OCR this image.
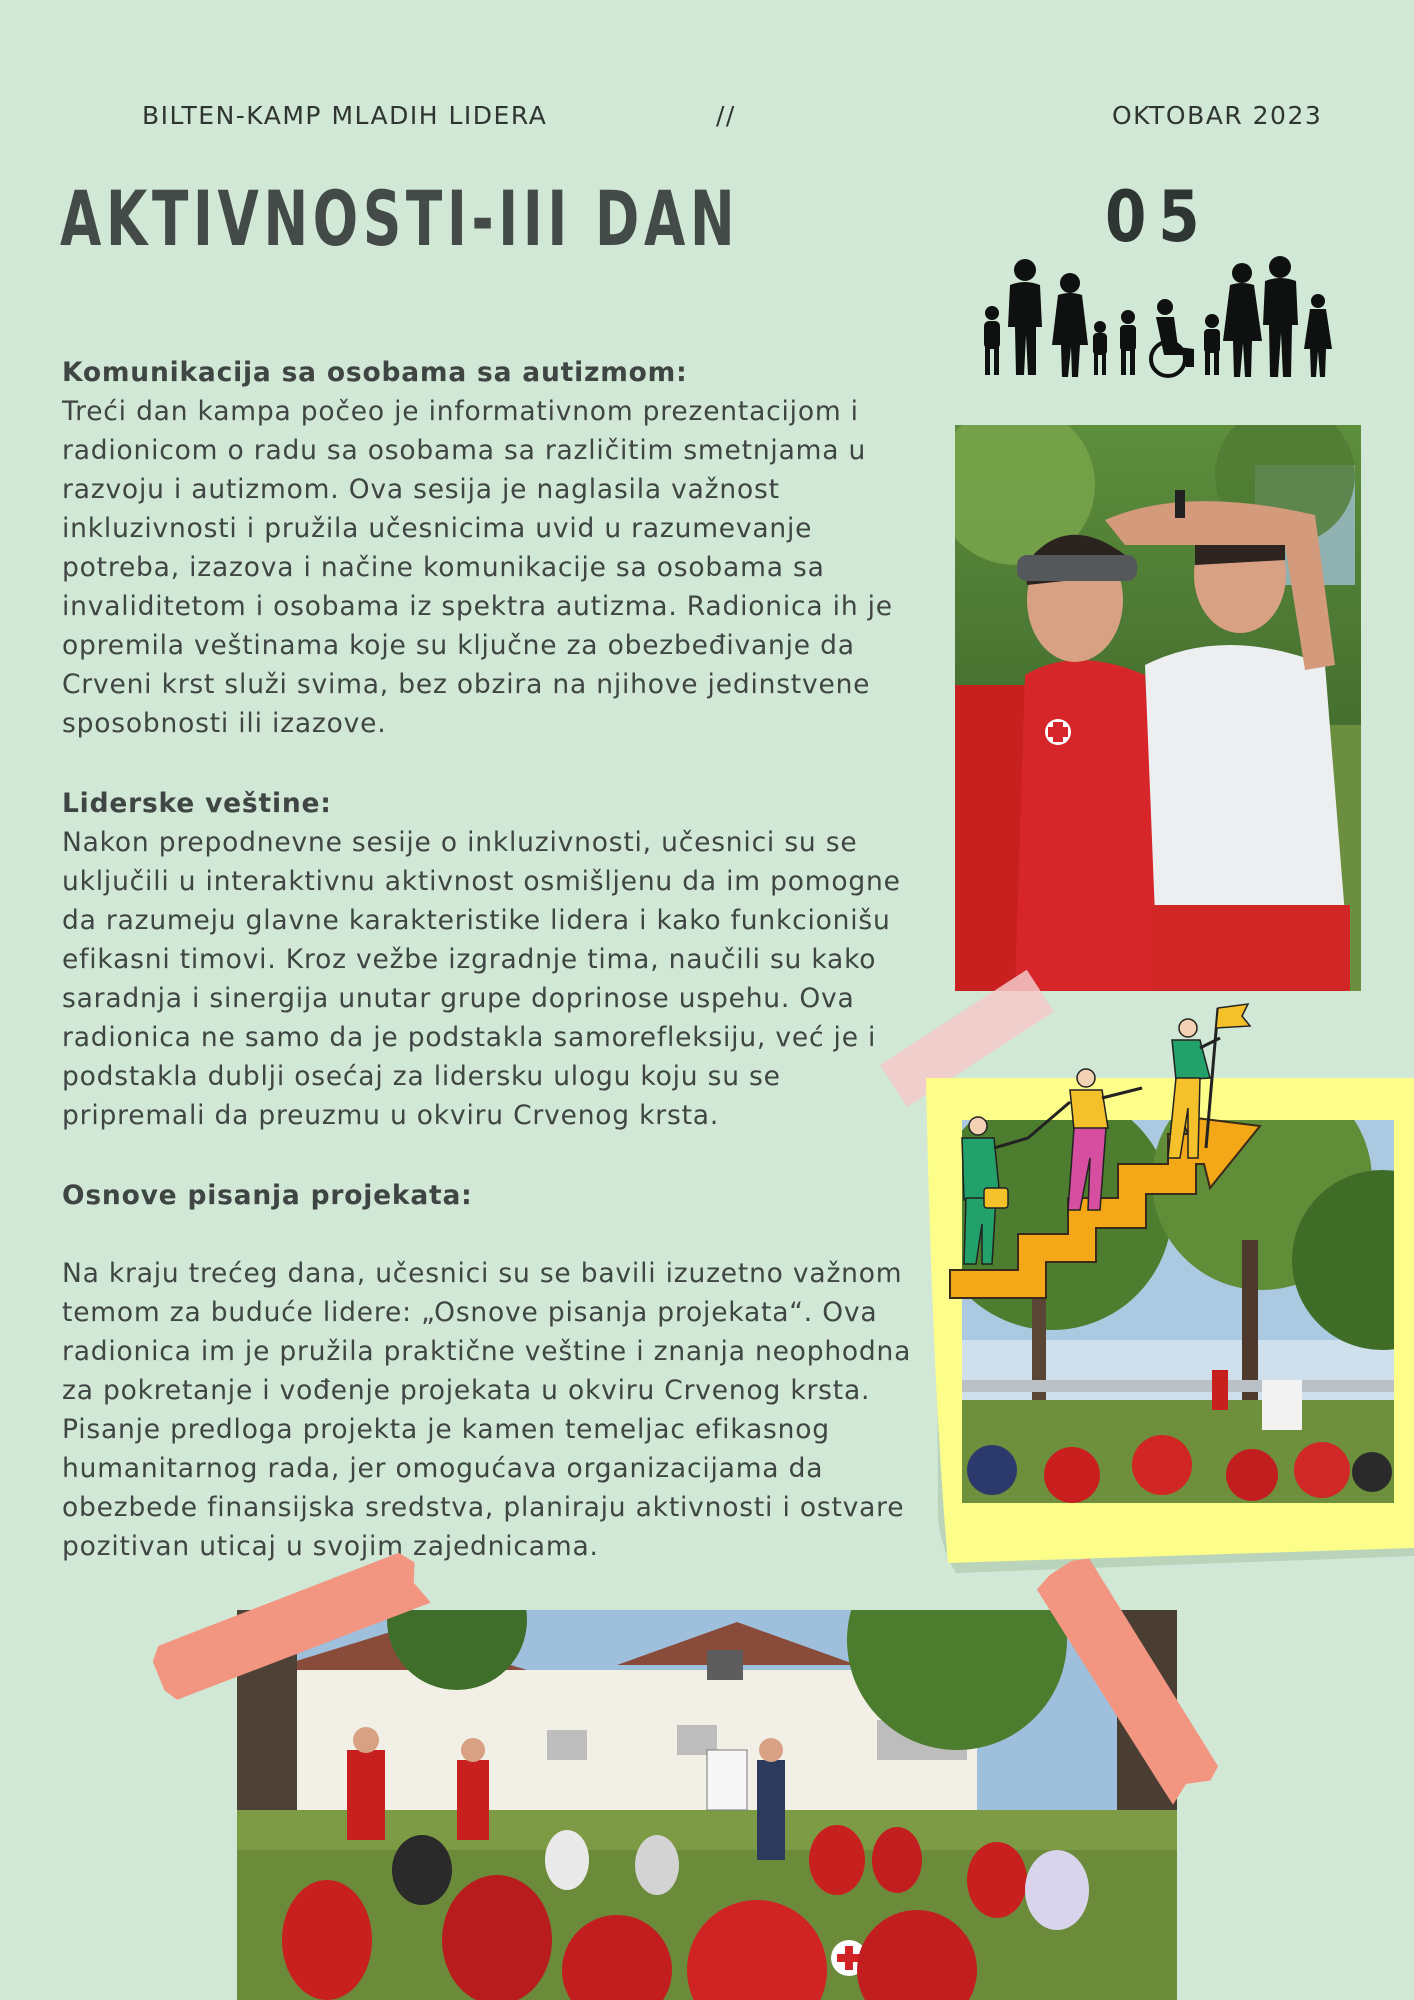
BILTEN-KAMP MLADIH LIDERA	//	OKTOBAR 2023
AKTIVNOSTI-III DAN	05

Komunikacija sa osobama sa autizmom:

Treći dan kampa počeo je informativnom prezentacijom i radionicom o radu sa osobama sa različitim smetnjama u razvoju i autizmom. Ova sesija je naglasila važnost inkluzivnosti i pružila učesnicima uvid u razumevanje potreba, izazova i načine komunikacije sa osobama sa invaliditetom i osobama iz spektra autizma. Radionica ih je opremila veštinama koje su ključne za obezbeđivanje da Crveni krst služi svima, bez obzira na njihove jedinstvene sposobnosti ili izazove.

Liderske veštine:

Nakon prepodnevne sesije o inkluzivnosti, učesnici su se uključili u interaktivnu aktivnost osmišljenu da im pomogne da razumeju glavne karakteristike lidera i kako funkcionišu efikasni timovi. Kroz vežbe izgradnje tima, naučili su kako saradnja i sinergija unutar grupe doprinose uspehu. Ova radionica ne samo da je podstakla samorefleksiju, već je i podstakla dublji osećaj za lidersku ulogu koju su se pripremali da preuzmu u okviru Crvenog krsta.

Osnove pisanja projekata:

Na kraju trećeg dana, učesnici su se bavili izuzetno važnom temom za buduće lidere: „Osnove pisanja projekata“. Ova radionica im je pružila praktične veštine i znanja neophodna za pokretanje i vođenje projekata u okviru Crvenog krsta. Pisanje predloga projekta je kamen temeljac efikasnog humanitarnog rada, jer omogućava organizacijama da obezbede finansijska sredstva, planiraju aktivnosti i ostvare pozitivan uticaj u svojim zajednicama.
